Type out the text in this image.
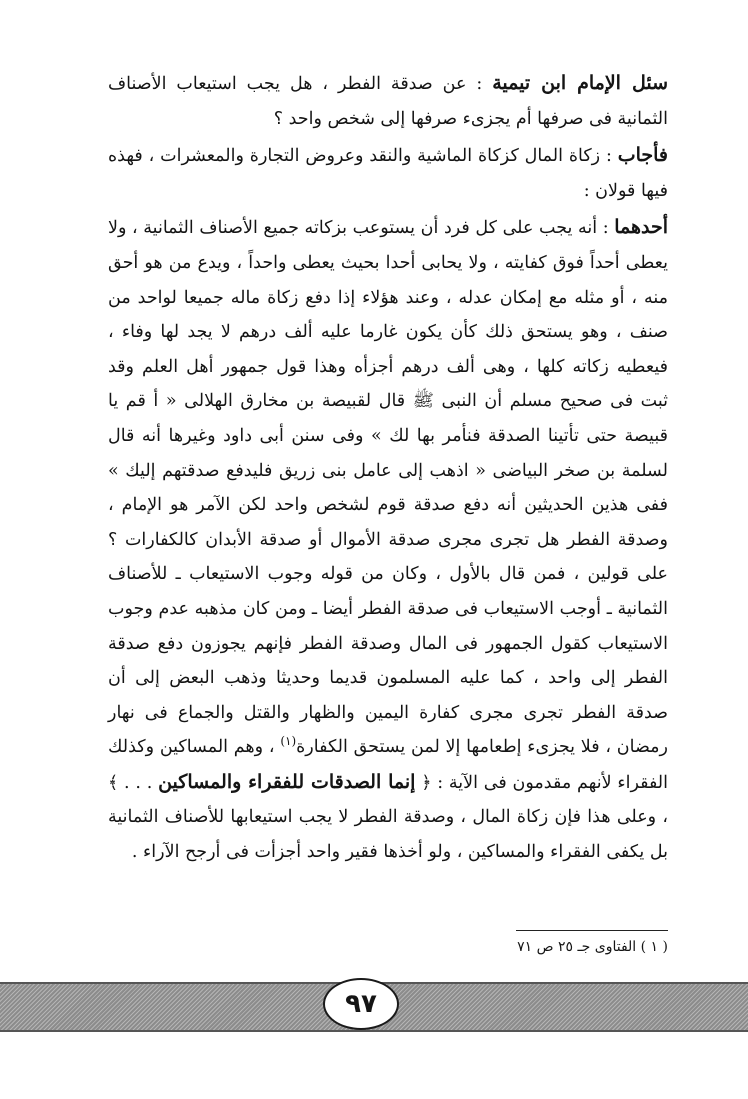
سئل الإمام ابن تيمية : عن صدقة الفطر ، هل يجب استيعاب الأصناف الثمانية فى صرفها أم يجزىء صرفها إلى شخص واحد ؟

فأجاب : زكاة المال كزكاة الماشية والنقد وعروض التجارة والمعشرات ، فهذه فيها قولان :

أحدهما : أنه يجب على كل فرد أن يستوعب بزكاته جميع الأصناف الثمانية ، ولا يعطى أحداً فوق كفايته ، ولا يحابى أحدا بحيث يعطى واحداً ، ويدع من هو أحق منه ، أو مثله مع إمكان عدله ، وعند هؤلاء إذا دفع زكاة ماله جميعا لواحد من صنف ، وهو يستحق ذلك كأن يكون غارما عليه ألف درهم لا يجد لها وفاء ، فيعطيه زكاته كلها ، وهى ألف درهم أجزأه وهذا قول جمهور أهل العلم وقد ثبت فى صحيح مسلم أن النبى ﷺ قال لقبيصة بن مخارق الهلالى « أ قم يا قبيصة حتى تأتينا الصدقة فنأمر بها لك » وفى سنن أبى داود وغيرها أنه قال لسلمة بن صخر البياضى « اذهب إلى عامل بنى زريق فليدفع صدقتهم إليك » ففى هذين الحديثين أنه دفع صدقة قوم لشخص واحد لكن الآمر هو الإمام ، وصدقة الفطر هل تجرى مجرى صدقة الأموال أو صدقة الأبدان كالكفارات ؟ على قولين ، فمن قال بالأول ، وكان من قوله وجوب الاستيعاب ـ للأصناف الثمانية ـ أوجب الاستيعاب فى صدقة الفطر أيضا ـ ومن كان مذهبه عدم وجوب الاستيعاب كقول الجمهور فى المال وصدقة الفطر فإنهم يجوزون دفع صدقة الفطر إلى واحد ، كما عليه المسلمون قديما وحديثا وذهب البعض إلى أن صدقة الفطر تجرى مجرى كفارة اليمين والظهار والقتل والجماع فى نهار رمضان ، فلا يجزىء إطعامها إلا لمن يستحق الكفارة$^{(١)}$ ، وهم المساكين وكذلك الفقراء لأنهم مقدمون فى الآية : ﴿ إنما الصدقات للفقراء والمساكين . . . ﴾ ، وعلى هذا فإن زكاة المال ، وصدقة الفطر لا يجب استيعابها للأصناف الثمانية بل يكفى الفقراء والمساكين ، ولو أخذها فقير واحد أجزأت فى أرجح الآراء .

( ١ ) الفتاوى جـ ٢٥ ص ٧١
٩٧
